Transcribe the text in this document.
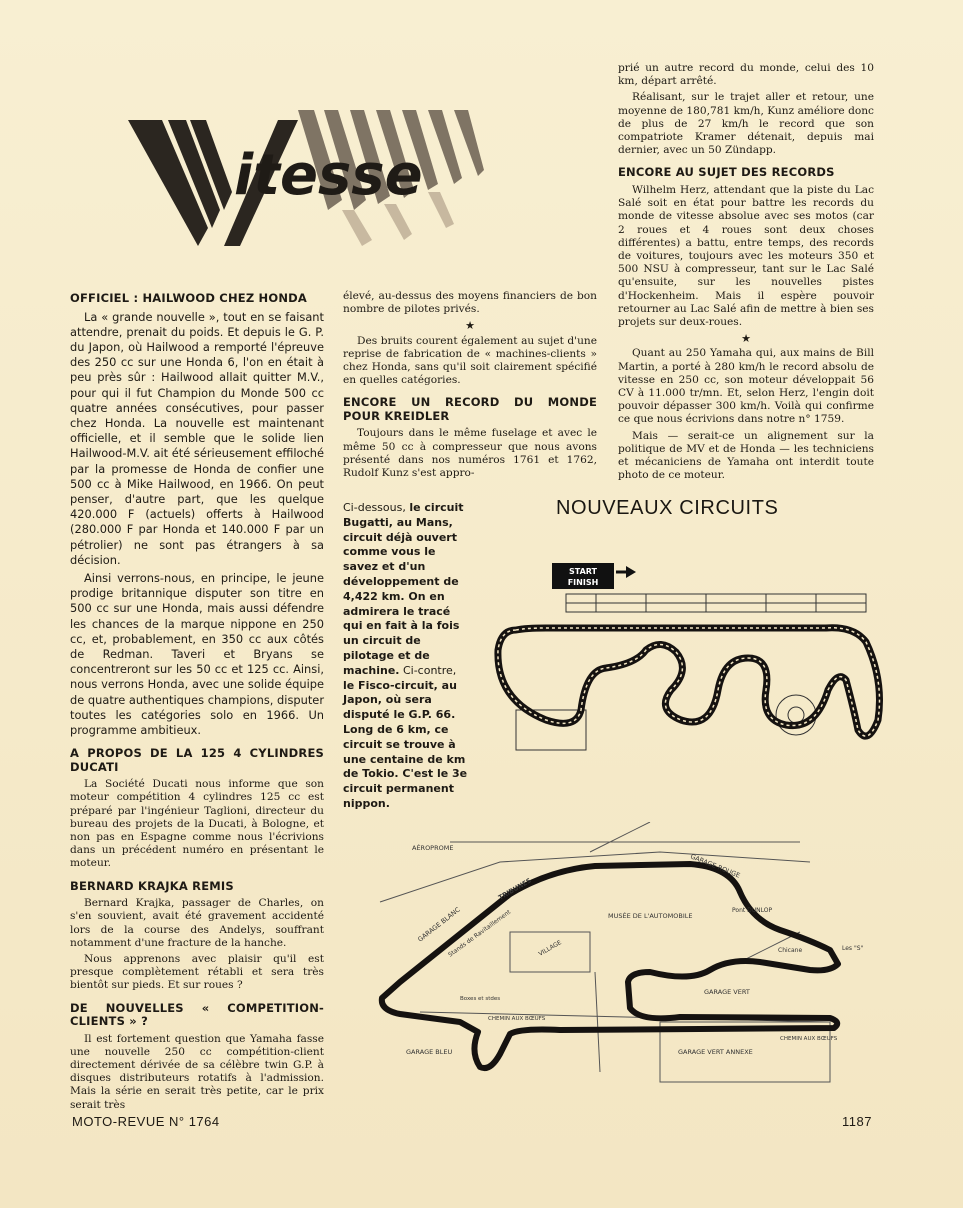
itesse
OFFICIEL : HAILWOOD CHEZ HONDA

La « grande nouvelle », tout en se faisant attendre, prenait du poids. Et depuis le G. P. du Japon, où Hailwood a remporté l'épreuve des 250 cc sur une Honda 6, l'on en était à peu près sûr : Hailwood allait quitter M.V., pour qui il fut Champion du Monde 500 cc quatre années consécutives, pour passer chez Honda. La nouvelle est maintenant officielle, et il semble que le solide lien Hailwood-M.V. ait été sérieusement effiloché par la promesse de Honda de confier une 500 cc à Mike Hailwood, en 1966. On peut penser, d'autre part, que les quelque 420.000 F (actuels) offerts à Hailwood (280.000 F par Honda et 140.000 F par un pétrolier) ne sont pas étrangers à sa décision.

Ainsi verrons-nous, en principe, le jeune prodige britannique disputer son titre en 500 cc sur une Honda, mais aussi défendre les chances de la marque nippone en 250 cc, et, probablement, en 350 cc aux côtés de Redman. Taveri et Bryans se concentreront sur les 50 cc et 125 cc. Ainsi, nous verrons Honda, avec une solide équipe de quatre authentiques champions, disputer toutes les catégories solo en 1966. Un programme ambitieux.

A PROPOS DE LA 125 4 CYLINDRES DUCATI

La Société Ducati nous informe que son moteur compétition 4 cylindres 125 cc est préparé par l'ingénieur Taglioni, directeur du bureau des projets de la Ducati, à Bologne, et non pas en Espagne comme nous l'écrivions dans un précédent numéro en présentant le moteur.

BERNARD KRAJKA REMIS

Bernard Krajka, passager de Charles, on s'en souvient, avait été gravement accidenté lors de la course des Andelys, souffrant notamment d'une fracture de la hanche.

Nous apprenons avec plaisir qu'il est presque complètement rétabli et sera très bientôt sur pieds. Et sur roues ?

DE NOUVELLES « COMPETITION-CLIENTS » ?

Il est fortement question que Yamaha fasse une nouvelle 250 cc compétition-client directement dérivée de sa célèbre twin G.P. à disques distributeurs rotatifs à l'admission. Mais la série en serait très petite, car le prix serait très

élevé, au-dessus des moyens financiers de bon nombre de pilotes privés.

★

Des bruits courent également au sujet d'une reprise de fabrication de « machines-clients » chez Honda, sans qu'il soit clairement spécifié en quelles catégories.

ENCORE UN RECORD DU MONDE POUR KREIDLER

Toujours dans le même fuselage et avec le même 50 cc à compresseur que nous avons présenté dans nos numéros 1761 et 1762, Rudolf Kunz s'est appro-

prié un autre record du monde, celui des 10 km, départ arrêté.

Réalisant, sur le trajet aller et retour, une moyenne de 180,781 km/h, Kunz améliore donc de plus de 27 km/h le record que son compatriote Kramer détenait, depuis mai dernier, avec un 50 Zündapp.

ENCORE AU SUJET DES RECORDS

Wilhelm Herz, attendant que la piste du Lac Salé soit en état pour battre les records du monde de vitesse absolue avec ses motos (car 2 roues et 4 roues sont deux choses différentes) a battu, entre temps, des records de voitures, toujours avec les moteurs 350 et 500 NSU à compresseur, tant sur le Lac Salé qu'ensuite, sur les nouvelles pistes d'Hockenheim. Mais il espère pouvoir retourner au Lac Salé afin de mettre à bien ses projets sur deux-roues.

★

Quant au 250 Yamaha qui, aux mains de Bill Martin, a porté à 280 km/h le record absolu de vitesse en 250 cc, son moteur développait 56 CV à 11.000 tr/mn. Et, selon Herz, l'engin doit pouvoir dépasser 300 km/h. Voilà qui confirme ce que nous écrivions dans notre n° 1759.

Mais — serait-ce un alignement sur la politique de MV et de Honda — les techniciens et mécaniciens de Yamaha ont interdit toute photo de ce moteur.

Ci-dessous, le circuit Bugatti, au Mans, circuit déjà ouvert comme vous le savez et d'un développement de 4,422 km. On en admirera le tracé qui en fait à la fois un circuit de pilotage et de machine. Ci-contre, le Fisco-circuit, au Japon, où sera disputé le G.P. 66. Long de 6 km, ce circuit se trouve à une centaine de km de Tokio. C'est le 3e circuit permanent nippon.
NOUVEAUX CIRCUITS
START
FINISH
AÉROPROME
GARAGE BLANC
TRIBUNES
Stands de Ravitaillement	MUSÉE DE L'AUTOMOBILE
GARAGE ROUGE
Pont DUNLOP
Chicane	Les "S"
GARAGE VERT
GARAGE VERT ANNEXE
GARAGE BLEU
VILLAGE
Boxes et stdes
CHEMIN AUX BŒUFS
CHEMIN AUX BŒUFS
MOTO-REVUE N° 1764	1187
